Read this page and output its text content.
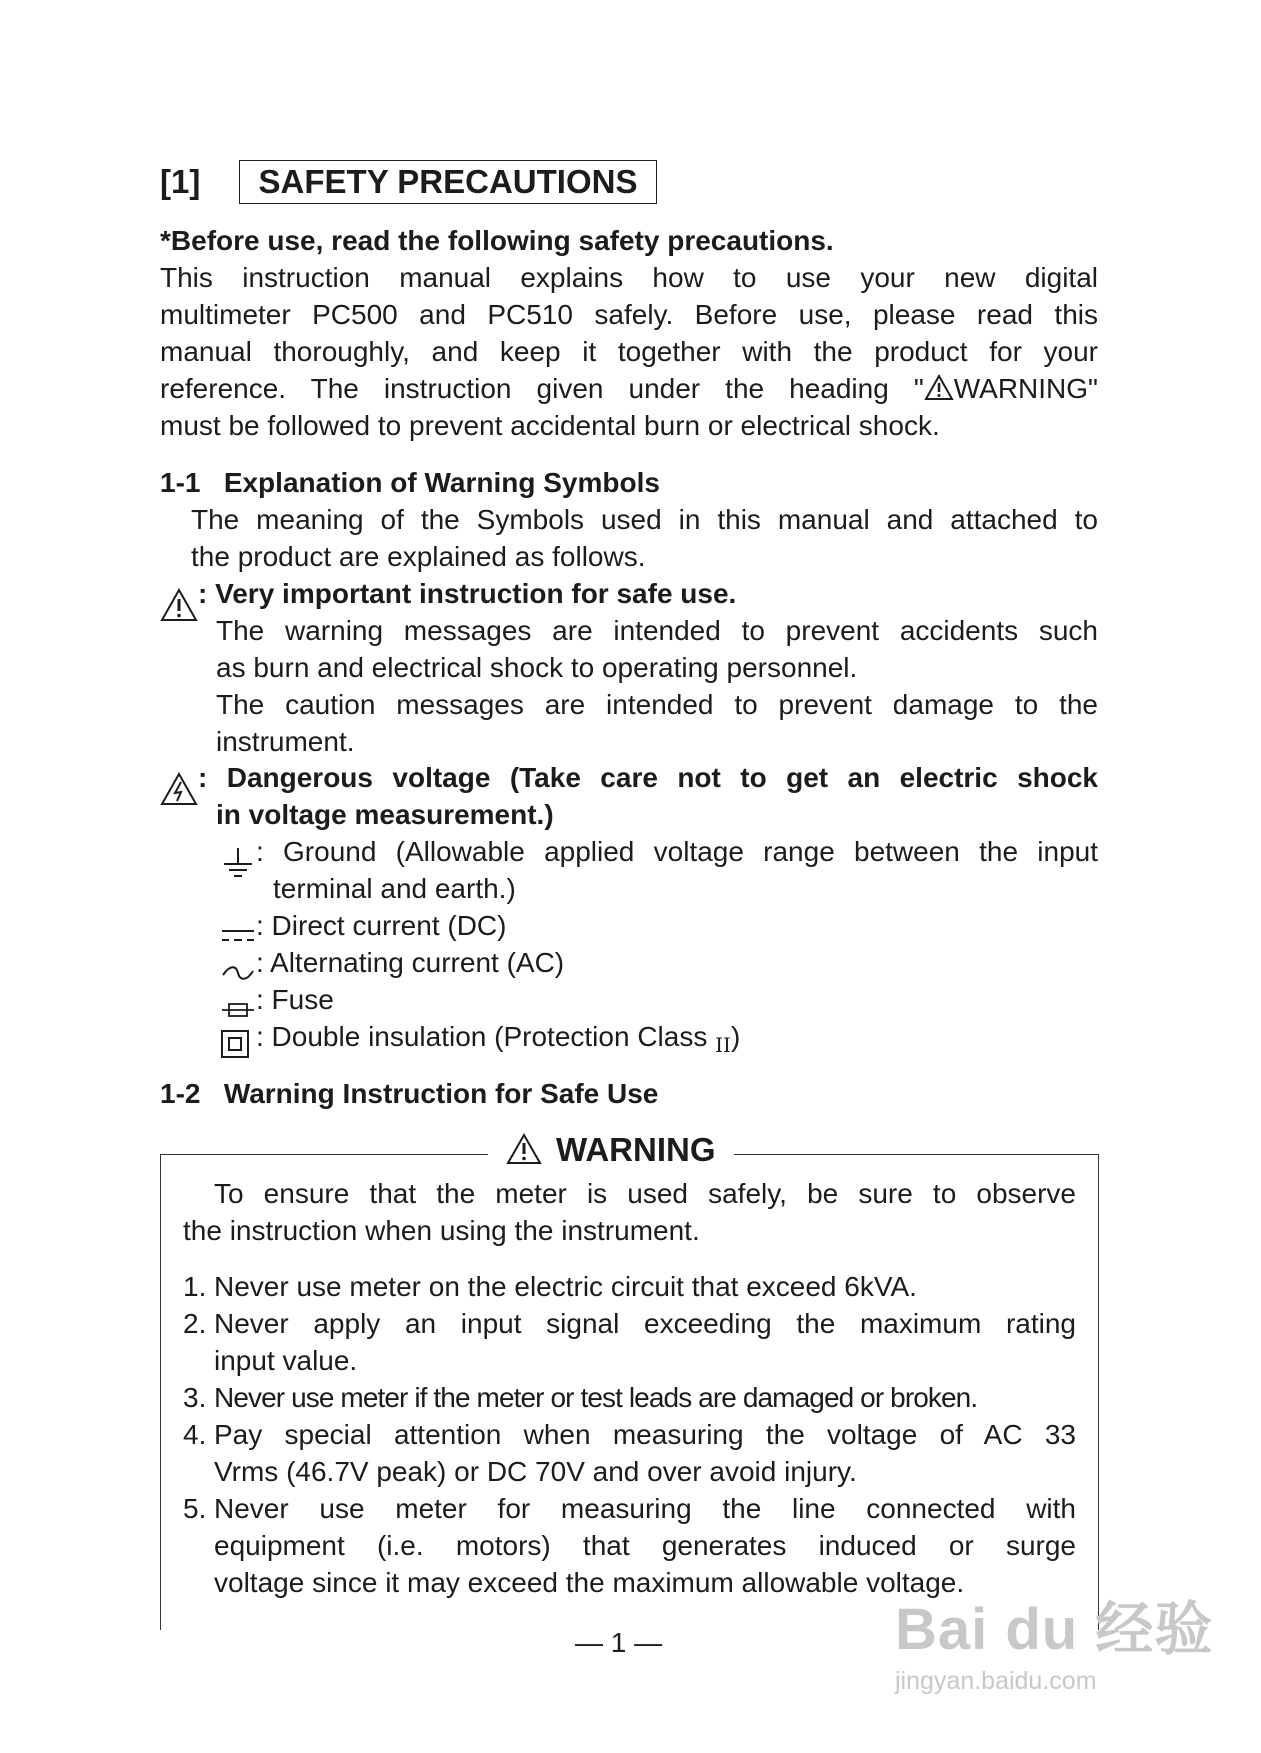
[1]	SAFETY PRECAUTIONS
*Before use, read the following safety precautions.
This instruction manual explains how to use your new digital
multimeter PC500 and PC510 safely. Before use, please read this
manual thoroughly, and keep it together with the product for your
reference. The instruction given under the heading " WARNING"
must be followed to prevent accidental burn or electrical shock.
1-1 Explanation of Warning Symbols
The meaning of the Symbols used in this manual and attached to
the product are explained as follows.
: Very important instruction for safe use.
The warning messages are intended to prevent accidents such
as burn and electrical shock to operating personnel.
The caution messages are intended to prevent damage to the
instrument.
: Dangerous voltage (Take care not to get an electric shock
in voltage measurement.)
: Ground (Allowable applied voltage range between the input
terminal and earth.)
: Direct current (DC)
: Alternating current (AC)
: Fuse
: Double insulation (Protection Class $_{II}$)
1-2 Warning Instruction for Safe Use
WARNING
To ensure that the meter is used safely, be sure to observe
the instruction when using the instrument.
1. Never use meter on the electric circuit that exceed 6kVA.
2. Never apply an input signal exceeding the maximum rating
input value.
3. Never use meter if the meter or test leads are damaged or broken.
4. Pay special attention when measuring the voltage of AC 33
Vrms (46.7V peak) or DC 70V and over avoid injury.
5. Never use meter for measuring the line connected with
equipment (i.e. motors) that generates induced or surge
voltage since it may exceed the maximum allowable voltage.
— 1 —	Bai du 经验
jingyan.baidu.com
